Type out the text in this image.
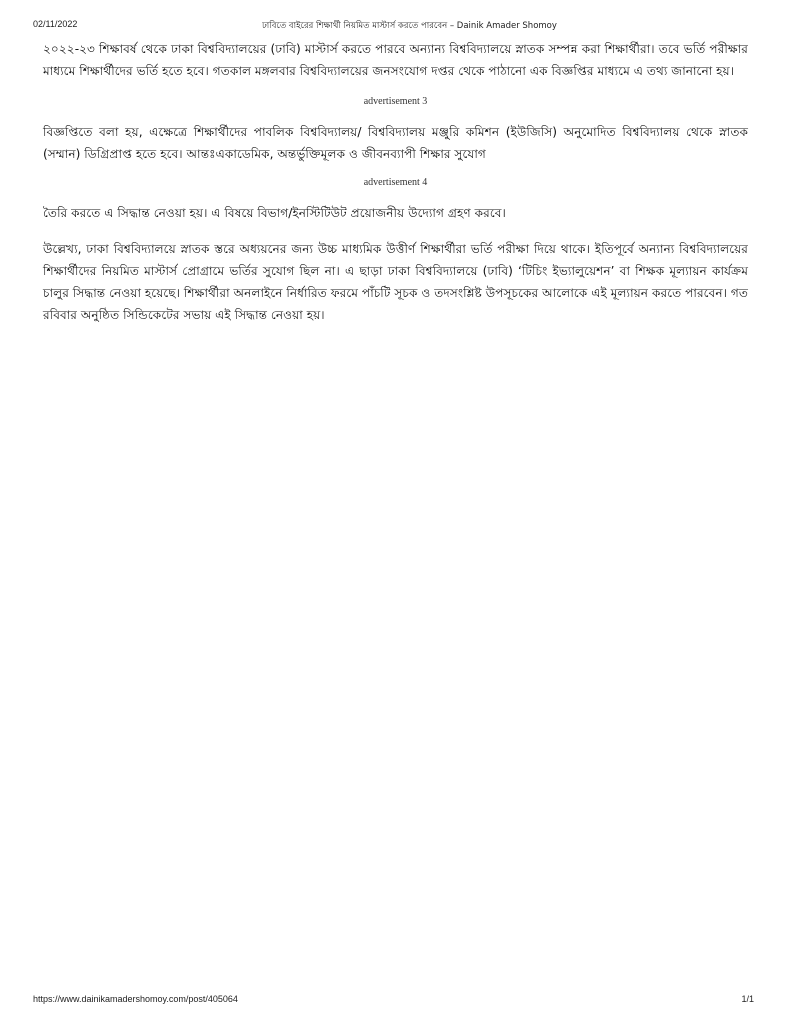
02/11/2022	ঢাবিতে বাইরের শিক্ষার্থী নিয়মিত মাস্টার্স করতে পারবেন – Dainik Amader Shomoy

২০২২-২৩ শিক্ষাবর্ষ থেকে ঢাকা বিশ্ববিদ্যালয়ের (ঢাবি) মাস্টার্স করতে পারবে অন্যান্য বিশ্ববিদ্যালয়ে স্নাতক সম্পন্ন করা শিক্ষার্থীরা। তবে ভর্তি পরীক্ষার মাধ্যমে শিক্ষার্থীদের ভর্তি হতে হবে। গতকাল মঙ্গলবার বিশ্ববিদ্যালয়ের জনসংযোগ দপ্তর থেকে পাঠানো এক বিজ্ঞপ্তির মাধ্যমে এ তথ্য জানানো হয়।

advertisement 3

বিজ্ঞপ্তিতে বলা হয়, এক্ষেত্রে শিক্ষার্থীদের পাবলিক বিশ্ববিদ্যালয়/ বিশ্ববিদ্যালয় মঞ্জুরি কমিশন (ইউজিসি) অনুমোদিত বিশ্ববিদ্যালয় থেকে স্নাতক (সম্মান) ডিগ্রিপ্রাপ্ত হতে হবে। আন্তঃএকাডেমিক, অন্তর্ভুক্তিমূলক ও জীবনব্যাপী শিক্ষার সুযোগ

advertisement 4

তৈরি করতে এ সিদ্ধান্ত নেওয়া হয়। এ বিষয়ে বিভাগ/ইনস্টিটিউট প্রয়োজনীয় উদ্যোগ গ্রহণ করবে।

উল্লেখ্য, ঢাকা বিশ্ববিদ্যালয়ে স্নাতক স্তরে অধ্যয়নের জন্য উচ্চ মাধ্যমিক উত্তীর্ণ শিক্ষার্থীরা ভর্তি পরীক্ষা দিয়ে থাকে। ইতিপূর্বে অন্যান্য বিশ্ববিদ্যালয়ের শিক্ষার্থীদের নিয়মিত মাস্টার্স প্রোগ্রামে ভর্তির সুযোগ ছিল না। এ ছাড়া ঢাকা বিশ্ববিদ্যালয়ে (ঢাবি) ‘টিচিং ইভ্যালুয়েশন’ বা শিক্ষক মূল্যায়ন কার্যক্রম চালুর সিদ্ধান্ত নেওয়া হয়েছে। শিক্ষার্থীরা অনলাইনে নির্ধারিত ফরমে পাঁচটি সূচক ও তদসংশ্লিষ্ট উপসূচকের আলোকে এই মূল্যায়ন করতে পারবেন। গত রবিবার অনুষ্ঠিত সিন্ডিকেটের সভায় এই সিদ্ধান্ত নেওয়া হয়।

https://www.dainikamadershomoy.com/post/405064	1/1
